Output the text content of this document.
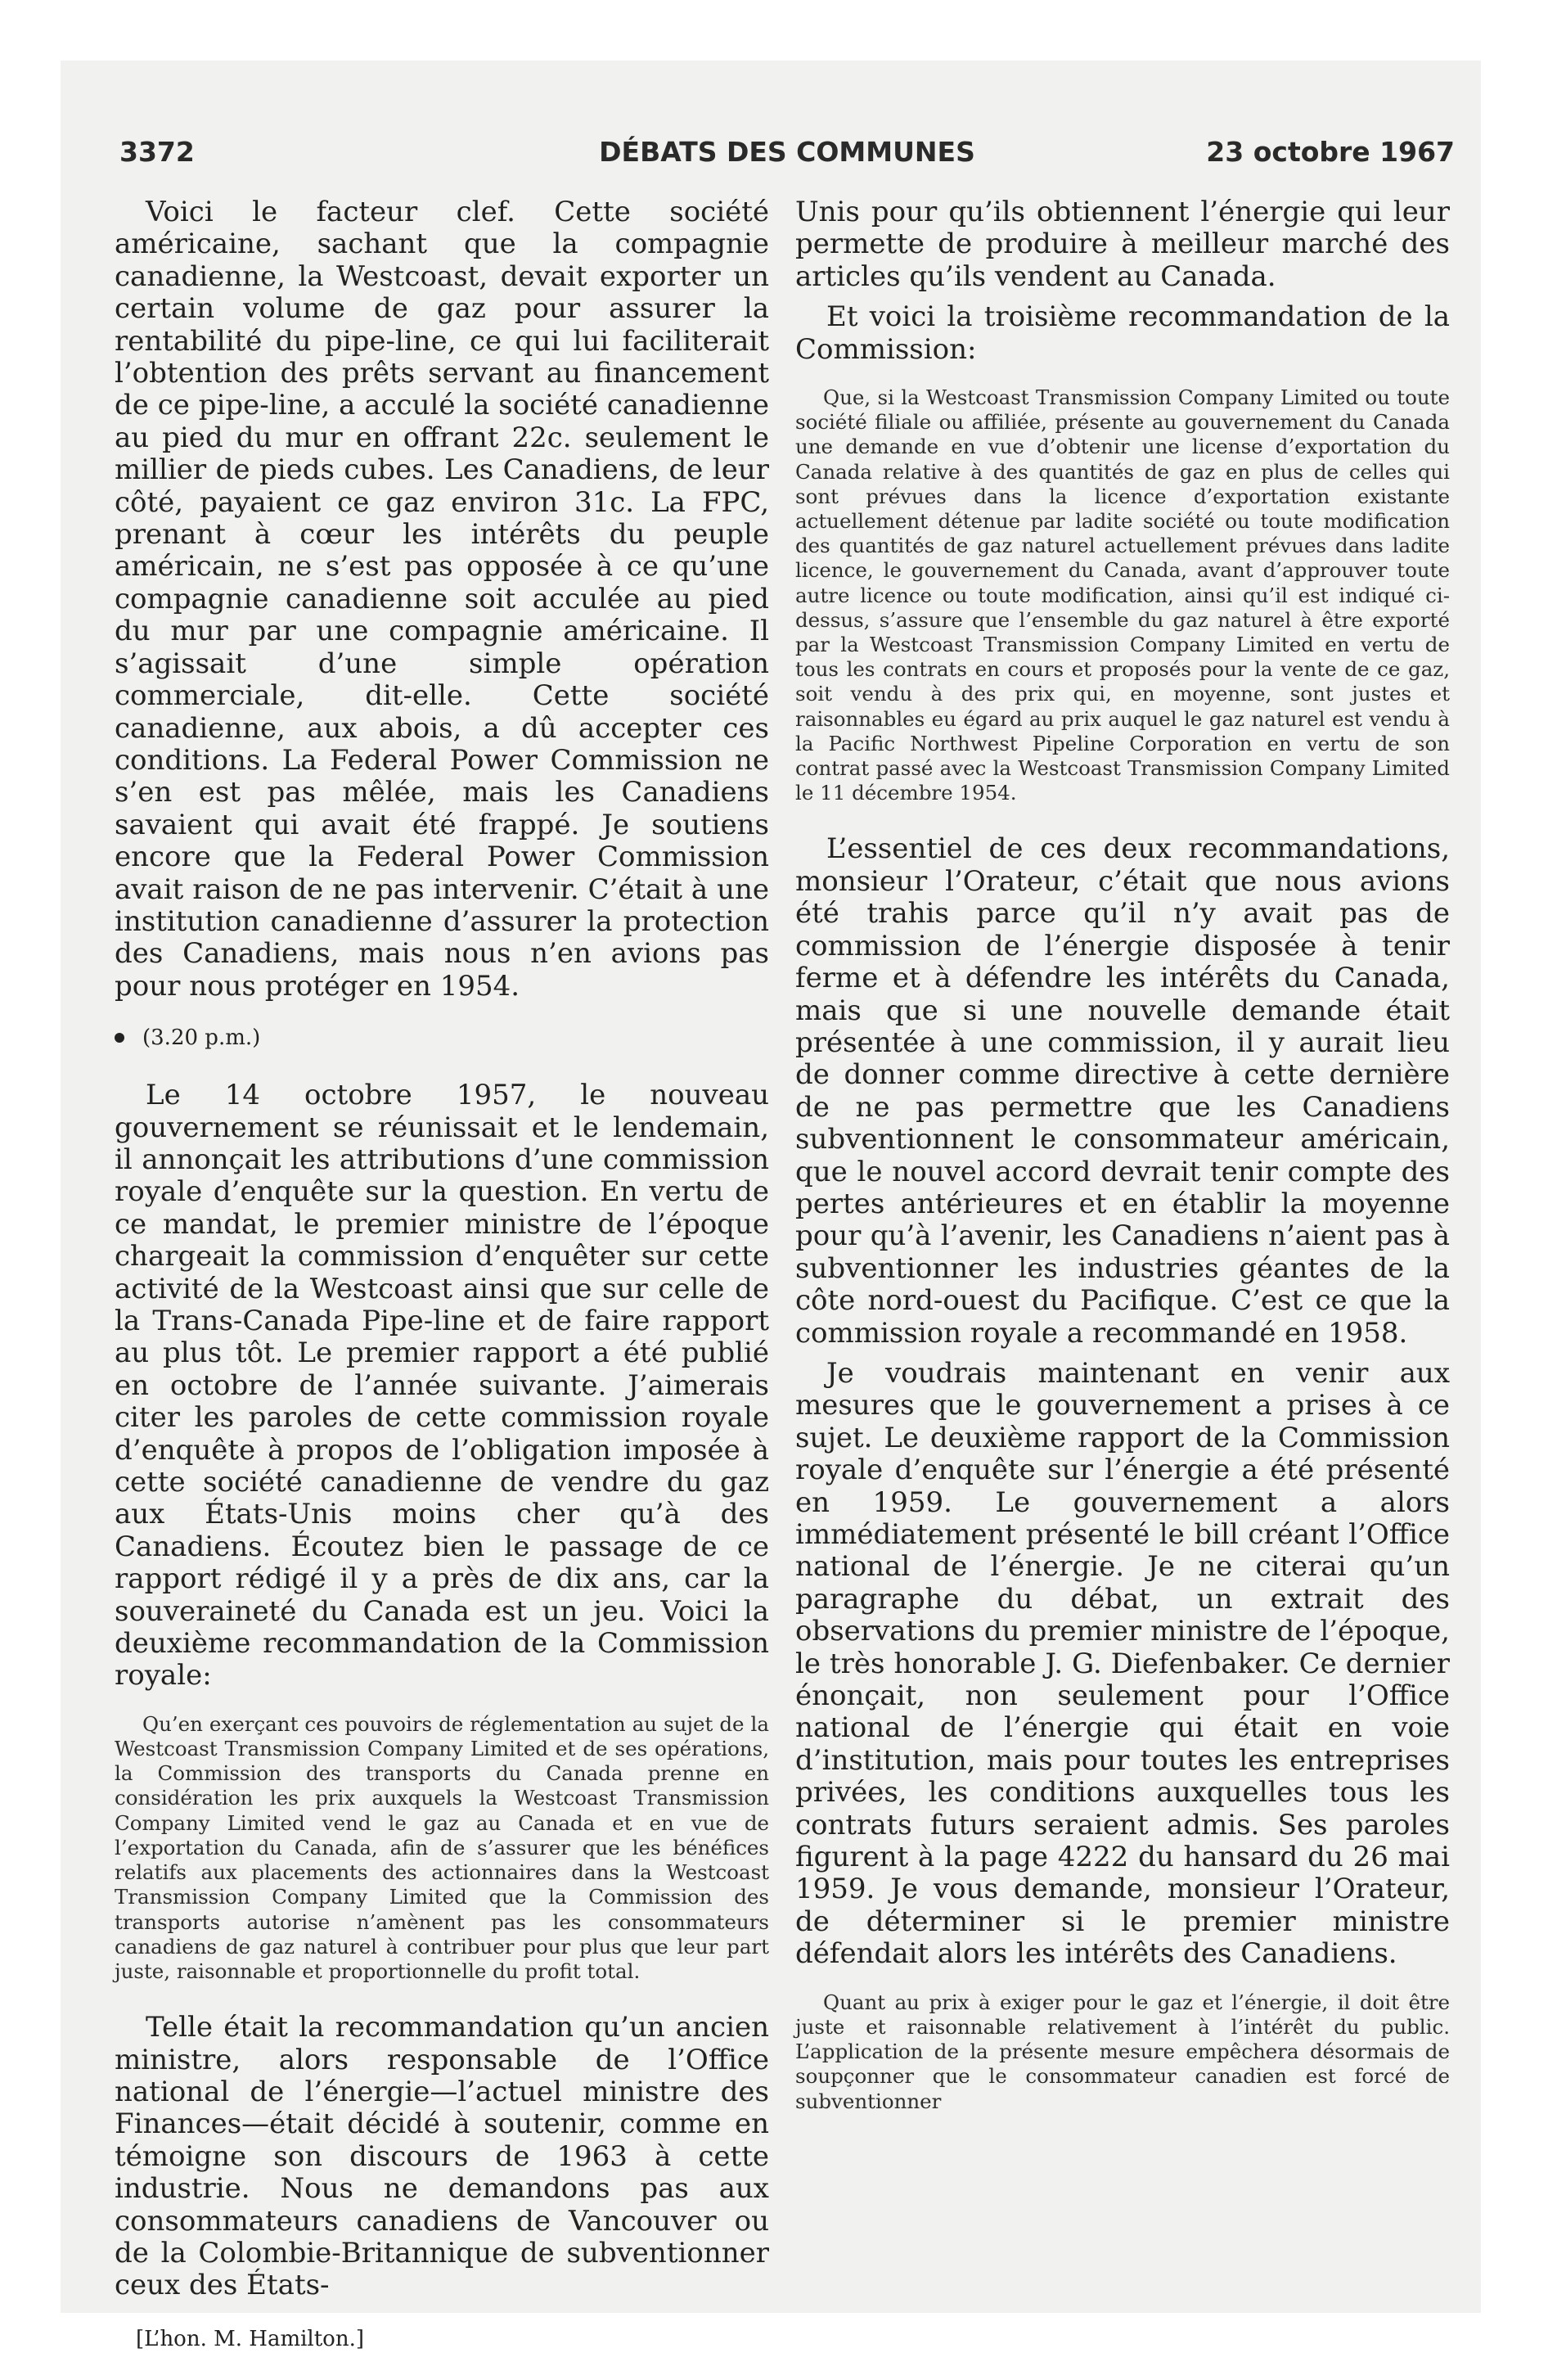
3372	DÉBATS DES COMMUNES	23 octobre 1967

Voici le facteur clef. Cette société américaine, sachant que la compagnie canadienne, la Westcoast, devait exporter un certain volume de gaz pour assurer la rentabilité du pipe-line, ce qui lui faciliterait l’obtention des prêts servant au financement de ce pipe-line, a acculé la société canadienne au pied du mur en offrant 22c. seulement le millier de pieds cubes. Les Canadiens, de leur côté, payaient ce gaz environ 31c. La FPC, prenant à cœur les intérêts du peuple américain, ne s’est pas opposée à ce qu’une compagnie canadienne soit acculée au pied du mur par une compagnie américaine. Il s’agissait d’une simple opération commerciale, dit-elle. Cette société canadienne, aux abois, a dû accepter ces conditions. La Federal Power Commission ne s’en est pas mêlée, mais les Canadiens savaient qui avait été frappé. Je soutiens encore que la Federal Power Commission avait raison de ne pas intervenir. C’était à une institution canadienne d’assurer la protection des Canadiens, mais nous n’en avions pas pour nous protéger en 1954.

(3.20 p.m.)

Le 14 octobre 1957, le nouveau gouvernement se réunissait et le lendemain, il annonçait les attributions d’une commission royale d’enquête sur la question. En vertu de ce mandat, le premier ministre de l’époque chargeait la commission d’enquêter sur cette activité de la Westcoast ainsi que sur celle de la Trans-Canada Pipe-line et de faire rapport au plus tôt. Le premier rapport a été publié en octobre de l’année suivante. J’aimerais citer les paroles de cette commission royale d’enquête à propos de l’obligation imposée à cette société canadienne de vendre du gaz aux États-Unis moins cher qu’à des Canadiens. Écoutez bien le passage de ce rapport rédigé il y a près de dix ans, car la souveraineté du Canada est un jeu. Voici la deuxième recommandation de la Commission royale:

Qu’en exerçant ces pouvoirs de réglementation au sujet de la Westcoast Transmission Company Limited et de ses opérations, la Commission des transports du Canada prenne en considération les prix auxquels la Westcoast Transmission Company Limited vend le gaz au Canada et en vue de l’exportation du Canada, afin de s’assurer que les bénéfices relatifs aux placements des actionnaires dans la Westcoast Transmission Company Limited que la Commission des transports autorise n’amènent pas les consommateurs canadiens de gaz naturel à contribuer pour plus que leur part juste, raisonnable et proportionnelle du profit total.

Telle était la recommandation qu’un ancien ministre, alors responsable de l’Office national de l’énergie—l’actuel ministre des Finances—était décidé à soutenir, comme en témoigne son discours de 1963 à cette industrie. Nous ne demandons pas aux consommateurs canadiens de Vancouver ou de la Colombie-Britannique de subventionner ceux des États-

[L’hon. M. Hamilton.]

Unis pour qu’ils obtiennent l’énergie qui leur permette de produire à meilleur marché des articles qu’ils vendent au Canada.

Et voici la troisième recommandation de la Commission:

Que, si la Westcoast Transmission Company Limited ou toute société filiale ou affiliée, présente au gouvernement du Canada une demande en vue d’obtenir une license d’exportation du Canada relative à des quantités de gaz en plus de celles qui sont prévues dans la licence d’exportation existante actuellement détenue par ladite société ou toute modification des quantités de gaz naturel actuellement prévues dans ladite licence, le gouvernement du Canada, avant d’approuver toute autre licence ou toute modification, ainsi qu’il est indiqué ci-dessus, s’assure que l’ensemble du gaz naturel à être exporté par la Westcoast Transmission Company Limited en vertu de tous les contrats en cours et proposés pour la vente de ce gaz, soit vendu à des prix qui, en moyenne, sont justes et raisonnables eu égard au prix auquel le gaz naturel est vendu à la Pacific Northwest Pipeline Corporation en vertu de son contrat passé avec la Westcoast Transmission Company Limited le 11 décembre 1954.

L’essentiel de ces deux recommandations, monsieur l’Orateur, c’était que nous avions été trahis parce qu’il n’y avait pas de commission de l’énergie disposée à tenir ferme et à défendre les intérêts du Canada, mais que si une nouvelle demande était présentée à une commission, il y aurait lieu de donner comme directive à cette dernière de ne pas permettre que les Canadiens subventionnent le consommateur américain, que le nouvel accord devrait tenir compte des pertes antérieures et en établir la moyenne pour qu’à l’avenir, les Canadiens n’aient pas à subventionner les industries géantes de la côte nord-ouest du Pacifique. C’est ce que la commission royale a recommandé en 1958.

Je voudrais maintenant en venir aux mesures que le gouvernement a prises à ce sujet. Le deuxième rapport de la Commission royale d’enquête sur l’énergie a été présenté en 1959. Le gouvernement a alors immédiatement présenté le bill créant l’Office national de l’énergie. Je ne citerai qu’un paragraphe du débat, un extrait des observations du premier ministre de l’époque, le très honorable J. G. Diefenbaker. Ce dernier énonçait, non seulement pour l’Office national de l’énergie qui était en voie d’institution, mais pour toutes les entreprises privées, les conditions auxquelles tous les contrats futurs seraient admis. Ses paroles figurent à la page 4222 du hansard du 26 mai 1959. Je vous demande, monsieur l’Orateur, de déterminer si le premier ministre défendait alors les intérêts des Canadiens.

Quant au prix à exiger pour le gaz et l’énergie, il doit être juste et raisonnable relativement à l’intérêt du public. L’application de la présente mesure empêchera désormais de soupçonner que le consommateur canadien est forcé de subventionner
